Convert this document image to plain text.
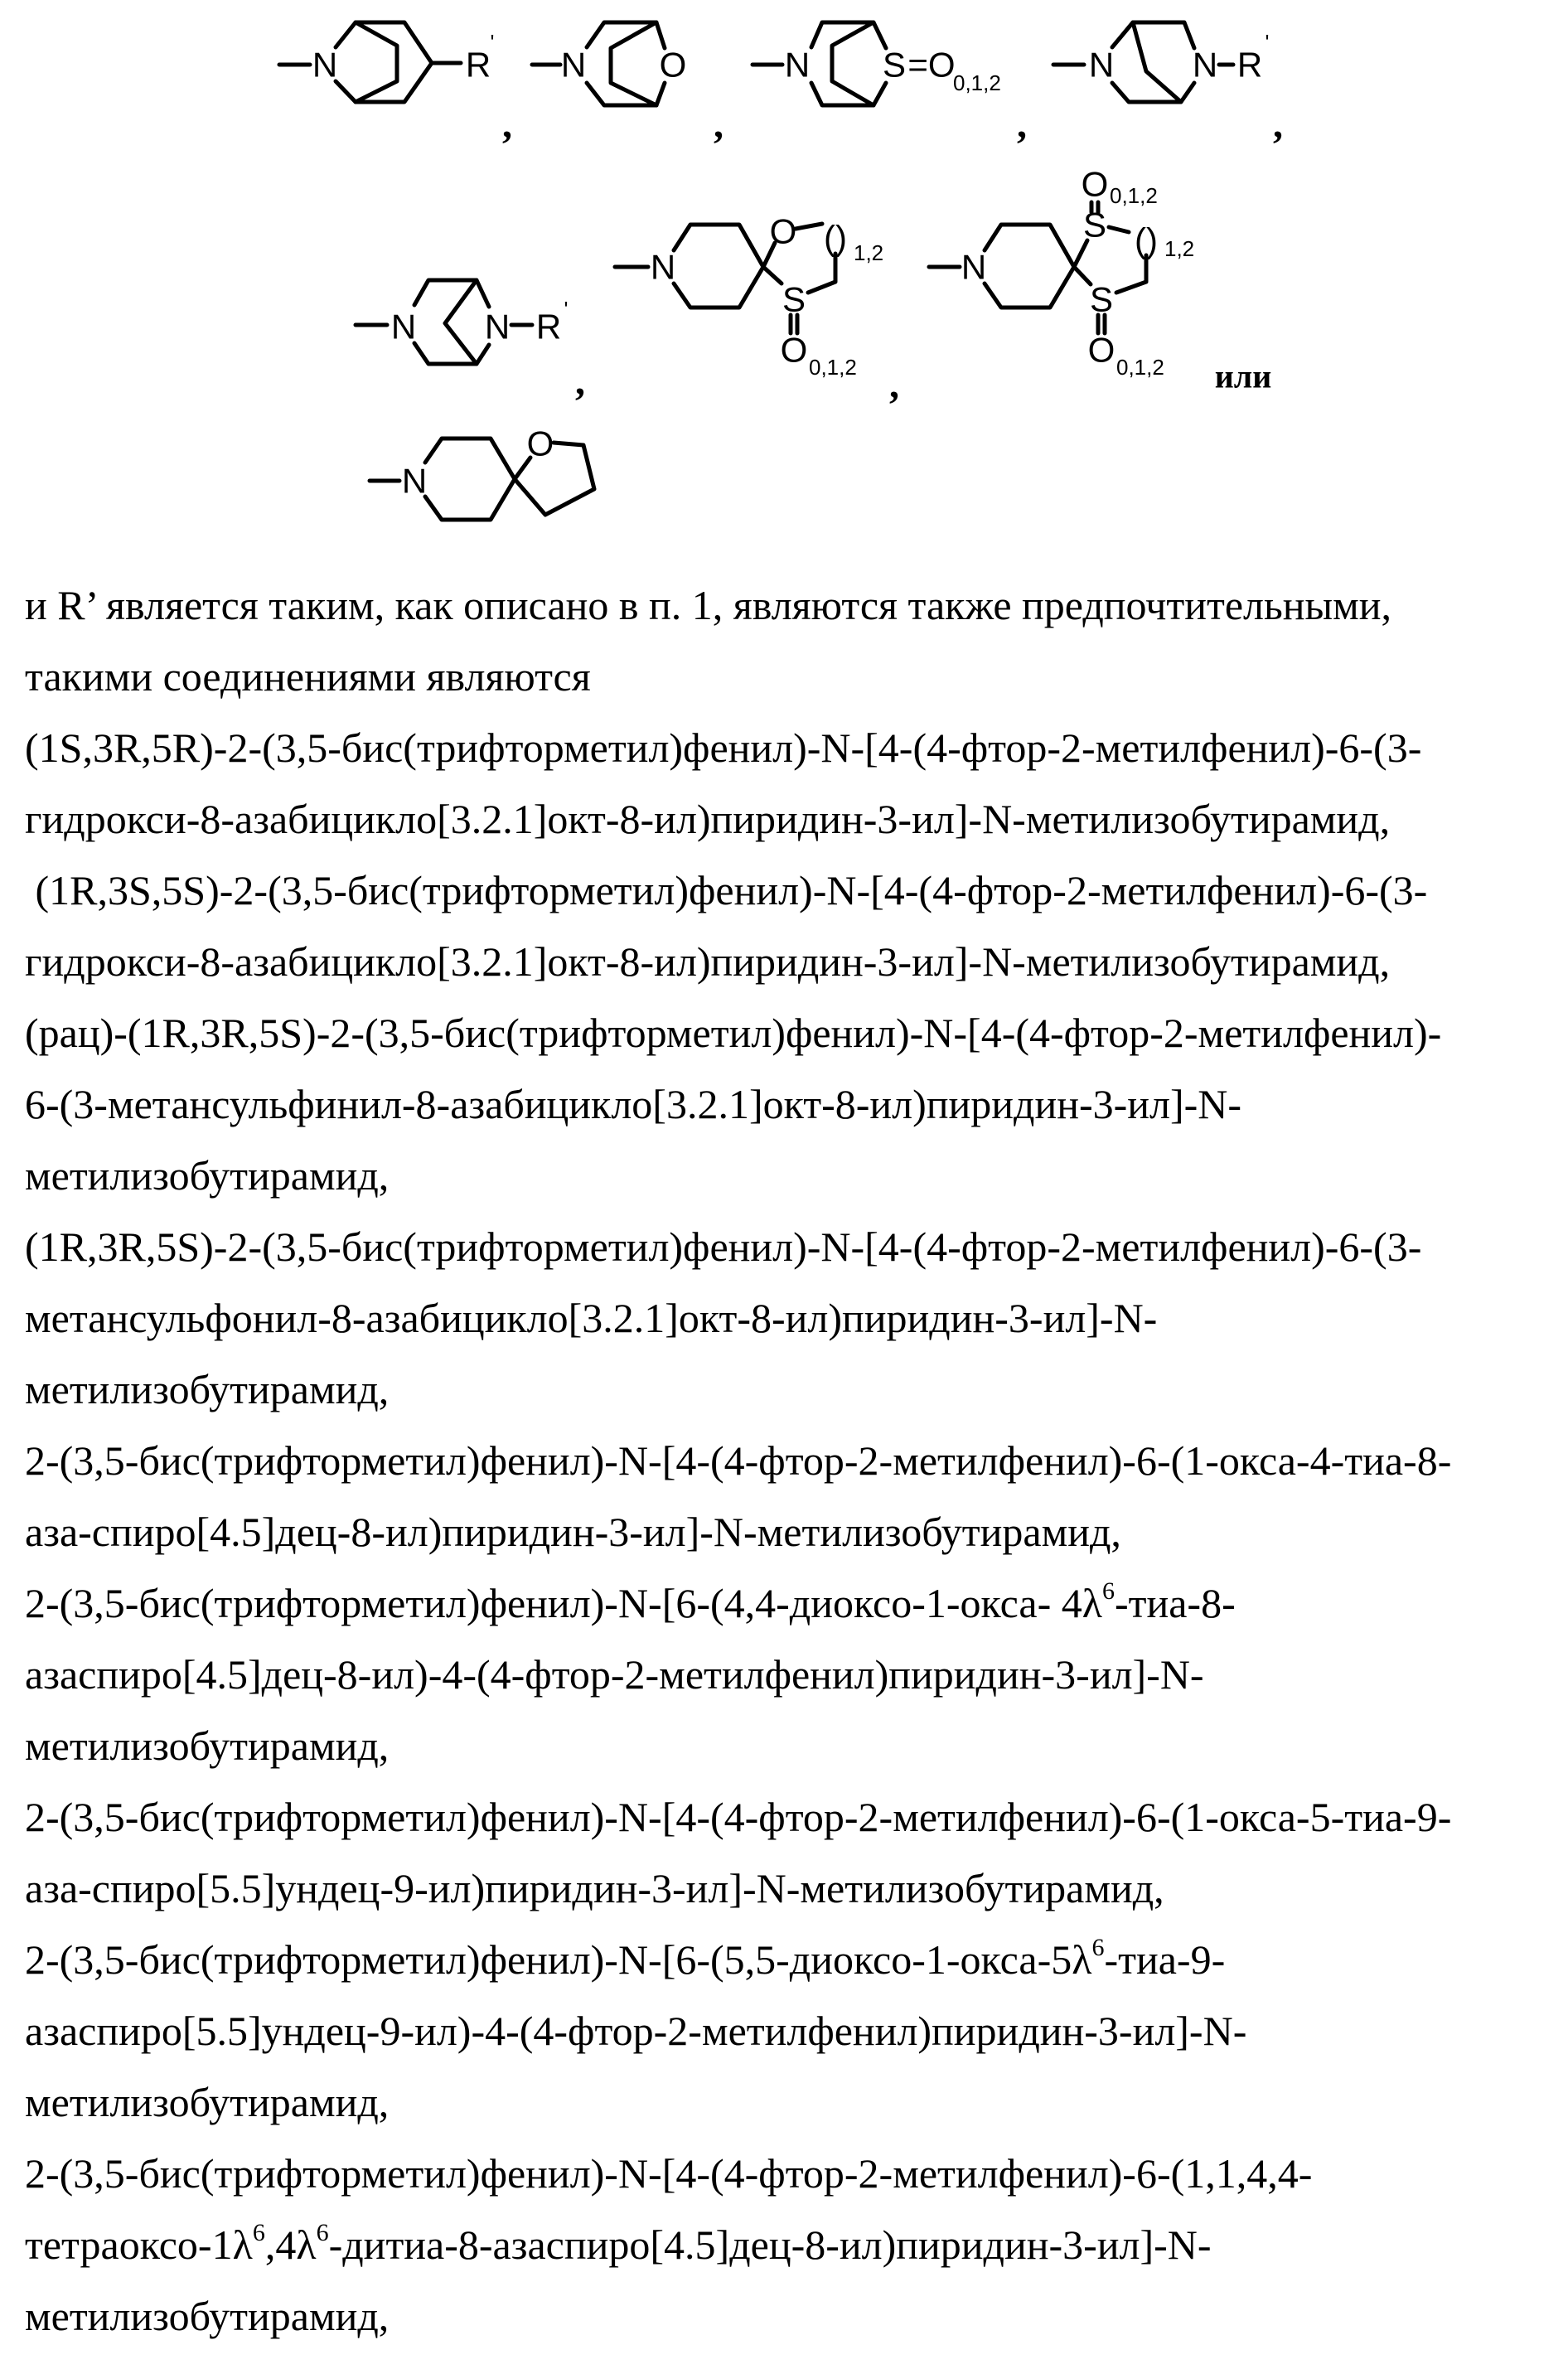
N	R
'
,
N O
,
N S =O
0,1,2
,
N N R
'
,
N N R '
,
N
O () 1,2
S
O 0,1,2 ,
N
S
O 0,1,2
() 1,2
S
O 0,1,2 или
N
O
и R’ является таким, как описано в п. 1, являются также предпочтительными,
такими соединениями являются
(1S,3R,5R)-2-(3,5-бис(трифторметил)фенил)-N-[4-(4-фтор-2-метилфенил)-6-(3-
гидрокси-8-азабицикло[3.2.1]окт-8-ил)пиридин-3-ил]-N-метилизобутирамид,
(1R,3S,5S)-2-(3,5-бис(трифторметил)фенил)-N-[4-(4-фтор-2-метилфенил)-6-(3-
гидрокси-8-азабицикло[3.2.1]окт-8-ил)пиридин-3-ил]-N-метилизобутирамид,
(рац)-(1R,3R,5S)-2-(3,5-бис(трифторметил)фенил)-N-[4-(4-фтор-2-метилфенил)-
6-(3-метансульфинил-8-азабицикло[3.2.1]окт-8-ил)пиридин-3-ил]-N-
метилизобутирамид,
(1R,3R,5S)-2-(3,5-бис(трифторметил)фенил)-N-[4-(4-фтор-2-метилфенил)-6-(3-
метансульфонил-8-азабицикло[3.2.1]окт-8-ил)пиридин-3-ил]-N-
метилизобутирамид,
2-(3,5-бис(трифторметил)фенил)-N-[4-(4-фтор-2-метилфенил)-6-(1-окса-4-тиа-8-
аза-спиро[4.5]дец-8-ил)пиридин-3-ил]-N-метилизобутирамид,
2-(3,5-бис(трифторметил)фенил)-N-[6-(4,4-диоксо-1-окса- 4λ6-тиа-8-
азаспиро[4.5]дец-8-ил)-4-(4-фтор-2-метилфенил)пиридин-3-ил]-N-
метилизобутирамид,
2-(3,5-бис(трифторметил)фенил)-N-[4-(4-фтор-2-метилфенил)-6-(1-окса-5-тиа-9-
аза-спиро[5.5]ундец-9-ил)пиридин-3-ил]-N-метилизобутирамид,
2-(3,5-бис(трифторметил)фенил)-N-[6-(5,5-диоксо-1-окса-5λ6-тиа-9-
азаспиро[5.5]ундец-9-ил)-4-(4-фтор-2-метилфенил)пиридин-3-ил]-N-
метилизобутирамид,
2-(3,5-бис(трифторметил)фенил)-N-[4-(4-фтор-2-метилфенил)-6-(1,1,4,4-
тетраоксо-1λ6,4λ6-дитиа-8-азаспиро[4.5]дец-8-ил)пиридин-3-ил]-N-
метилизобутирамид,
